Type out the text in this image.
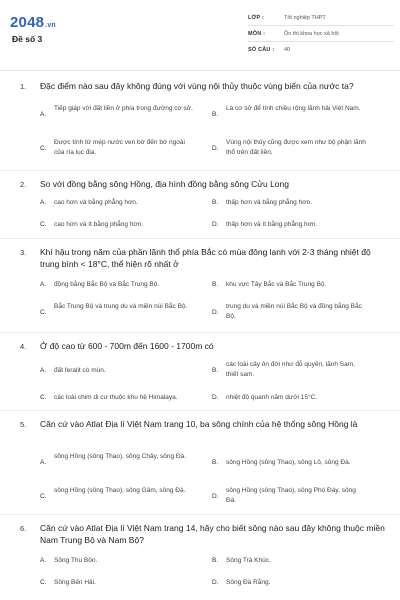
2048.vn
Đề số 3
LỚP :	Tốt nghiệp THPT
MÔN :	Ôn thi khoa học xã hội
SỐ CÂU :	40
1. Đặc điểm nào sau đây không đúng với vùng nội thủy thuộc vùng biển của nước ta?
A.
Tiếp giáp với đất liền ở phía trong đường cơ sở.
B.
Là cơ sở để tính chiều rộng lãnh hải Việt Nam.
C.
Được tính từ mép nước ven bờ đến bờ ngoài của rìa lục địa.
D.
Vùng nội thủy cũng được xem như bộ phận lãnh thổ trên đất liền.
2. So với đồng bằng sông Hồng, địa hình đồng bằng sông Cửu Long
A. cao hơn và bằng phẳng hơn.	B. thấp hơn và bằng phẳng hơn.
C. cao hơn và ít bằng phẳng hơn.	D. thấp hơn và ít bằng phẳng hơn.
3. Khí hậu trong năm của phần lãnh thổ phía Bắc có mùa đông lạnh với 2-3 tháng nhiệt độ trung bình < 18°C, thể hiện rõ nhất ở
A. đồng bằng Bắc Bộ và Bắc Trung Bộ.	B. khu vực Tây Bắc và Bắc Trung Bộ.
C.
Bắc Trung Bộ và trung du và miền núi Bắc Bộ.
D.
trung du và miền núi Bắc Bộ và đồng bằng Bắc Bộ.
4. Ở độ cao từ 600 - 700m đến 1600 - 1700m có
A. đất feralit có mùn.	B.
các loài cây ôn đới như đỗ quyên, lãnh Sam, thiết sam.
C. các loài chim di cư thuộc khu hệ Himalaya.	D. nhiệt độ quanh năm dưới 15°C.
5. Căn cứ vào Atlat Địa lí Việt Nam trang 10, ba sông chính của hệ thống sông Hồng là
A.
sông Hồng (sông Thao), sông Chảy, sông Đà.
B. sông Hồng (sông Thao), sông Lô, sông Đà.
C.
sông Hồng (sông Thao), sông Gâm, sông Đà.
D.
sông Hồng (sông Thao), sông Phó Đáy, sông Đà.
6. Căn cứ vào Atlat Địa lí Việt Nam trang 14, hãy cho biết sông nào sau đây không thuộc miền Nam Trung Bộ và Nam Bộ?
A. Sông Thu Bồn.	B. Sông Trà Khúc.
C. Sông Bến Hải.	D. Sông Đà Rằng.
